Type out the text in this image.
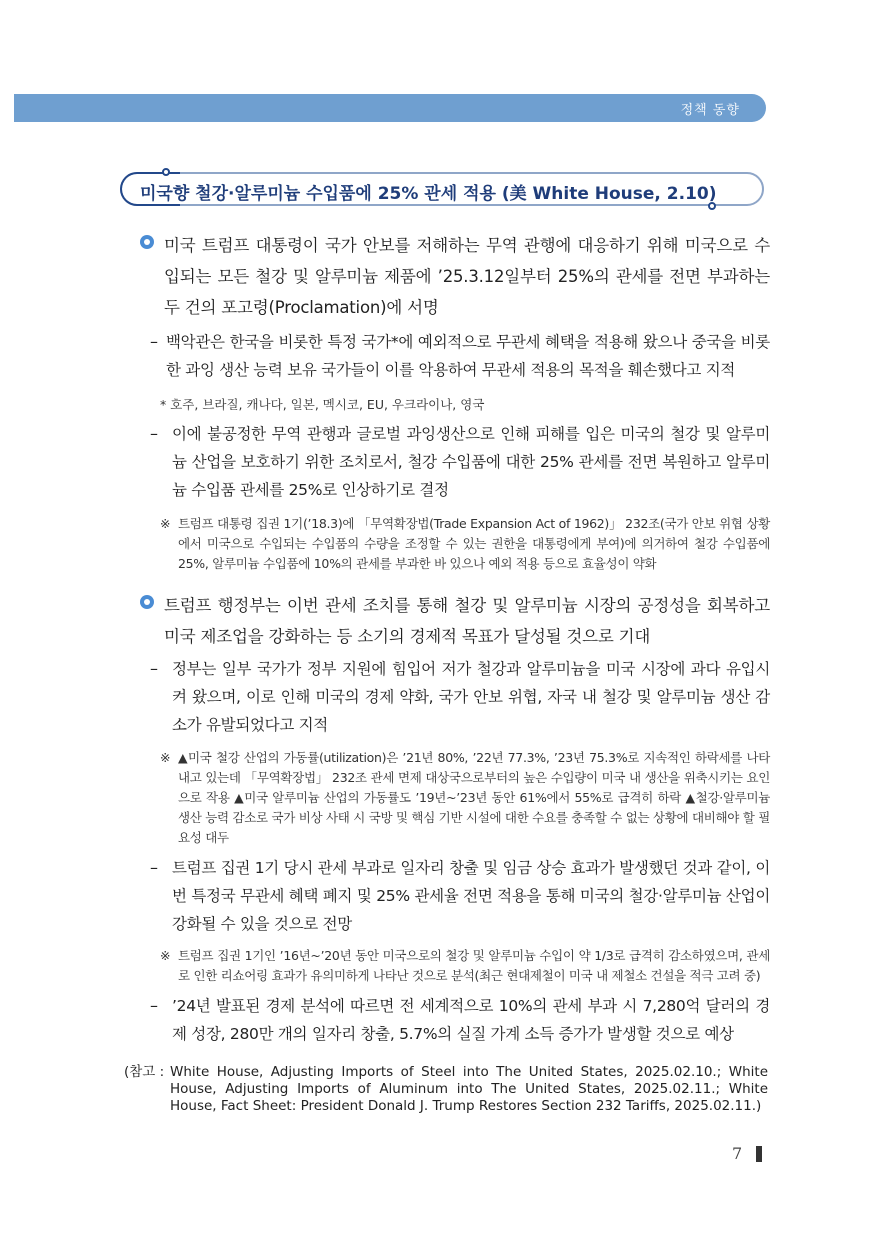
정책 동향
미국향 철강·알루미늄 수입품에 25% 관세 적용 (美 White House, 2.10)
미국 트럼프 대통령이 국가 안보를 저해하는 무역 관행에 대응하기 위해 미국으로 수입되는 모든 철강 및 알루미늄 제품에 ’25.3.12일부터 25%의 관세를 전면 부과하는 두 건의 포고령(Proclamation)에 서명
– 백악관은 한국을 비롯한 특정 국가*에 예외적으로 무관세 혜택을 적용해 왔으나 중국을 비롯한 과잉 생산 능력 보유 국가들이 이를 악용하여 무관세 적용의 목적을 훼손했다고 지적
* 호주, 브라질, 캐나다, 일본, 멕시코, EU, 우크라이나, 영국
– 이에 불공정한 무역 관행과 글로벌 과잉생산으로 인해 피해를 입은 미국의 철강 및 알루미늄 산업을 보호하기 위한 조치로서, 철강 수입품에 대한 25% 관세를 전면 복원하고 알루미늄 수입품 관세를 25%로 인상하기로 결정
※ 트럼프 대통령 집권 1기(’18.3)에 「무역확장법(Trade Expansion Act of 1962)」 232조(국가 안보 위협 상황에서 미국으로 수입되는 수입품의 수량을 조정할 수 있는 권한을 대통령에게 부여)에 의거하여 철강 수입품에 25%, 알루미늄 수입품에 10%의 관세를 부과한 바 있으나 예외 적용 등으로 효율성이 약화
트럼프 행정부는 이번 관세 조치를 통해 철강 및 알루미늄 시장의 공정성을 회복하고 미국 제조업을 강화하는 등 소기의 경제적 목표가 달성될 것으로 기대
– 정부는 일부 국가가 정부 지원에 힘입어 저가 철강과 알루미늄을 미국 시장에 과다 유입시켜 왔으며, 이로 인해 미국의 경제 약화, 국가 안보 위협, 자국 내 철강 및 알루미늄 생산 감소가 유발되었다고 지적
※ ▲미국 철강 산업의 가동률(utilization)은 ’21년 80%, ’22년 77.3%, ’23년 75.3%로 지속적인 하락세를 나타내고 있는데 「무역확장법」 232조 관세 면제 대상국으로부터의 높은 수입량이 미국 내 생산을 위축시키는 요인으로 작용 ▲미국 알루미늄 산업의 가동률도 ’19년~’23년 동안 61%에서 55%로 급격히 하락 ▲철강·알루미늄 생산 능력 감소로 국가 비상 사태 시 국방 및 핵심 기반 시설에 대한 수요를 충족할 수 없는 상황에 대비해야 할 필요성 대두
– 트럼프 집권 1기 당시 관세 부과로 일자리 창출 및 임금 상승 효과가 발생했던 것과 같이, 이번 특정국 무관세 혜택 폐지 및 25% 관세율 전면 적용을 통해 미국의 철강·알루미늄 산업이 강화될 수 있을 것으로 전망
※ 트럼프 집권 1기인 ’16년~’20년 동안 미국으로의 철강 및 알루미늄 수입이 약 1/3로 급격히 감소하였으며, 관세로 인한 리쇼어링 효과가 유의미하게 나타난 것으로 분석(최근 현대제철이 미국 내 제철소 건설을 적극 고려 중)
– ’24년 발표된 경제 분석에 따르면 전 세계적으로 10%의 관세 부과 시 7,280억 달러의 경제 성장, 280만 개의 일자리 창출, 5.7%의 실질 가계 소득 증가가 발생할 것으로 예상
(참고 : White House, Adjusting Imports of Steel into The United States, 2025.02.10.; White House, Adjusting Imports of Aluminum into The United States, 2025.02.11.; White House, Fact Sheet: President Donald J. Trump Restores Section 232 Tariffs, 2025.02.11.)
7
